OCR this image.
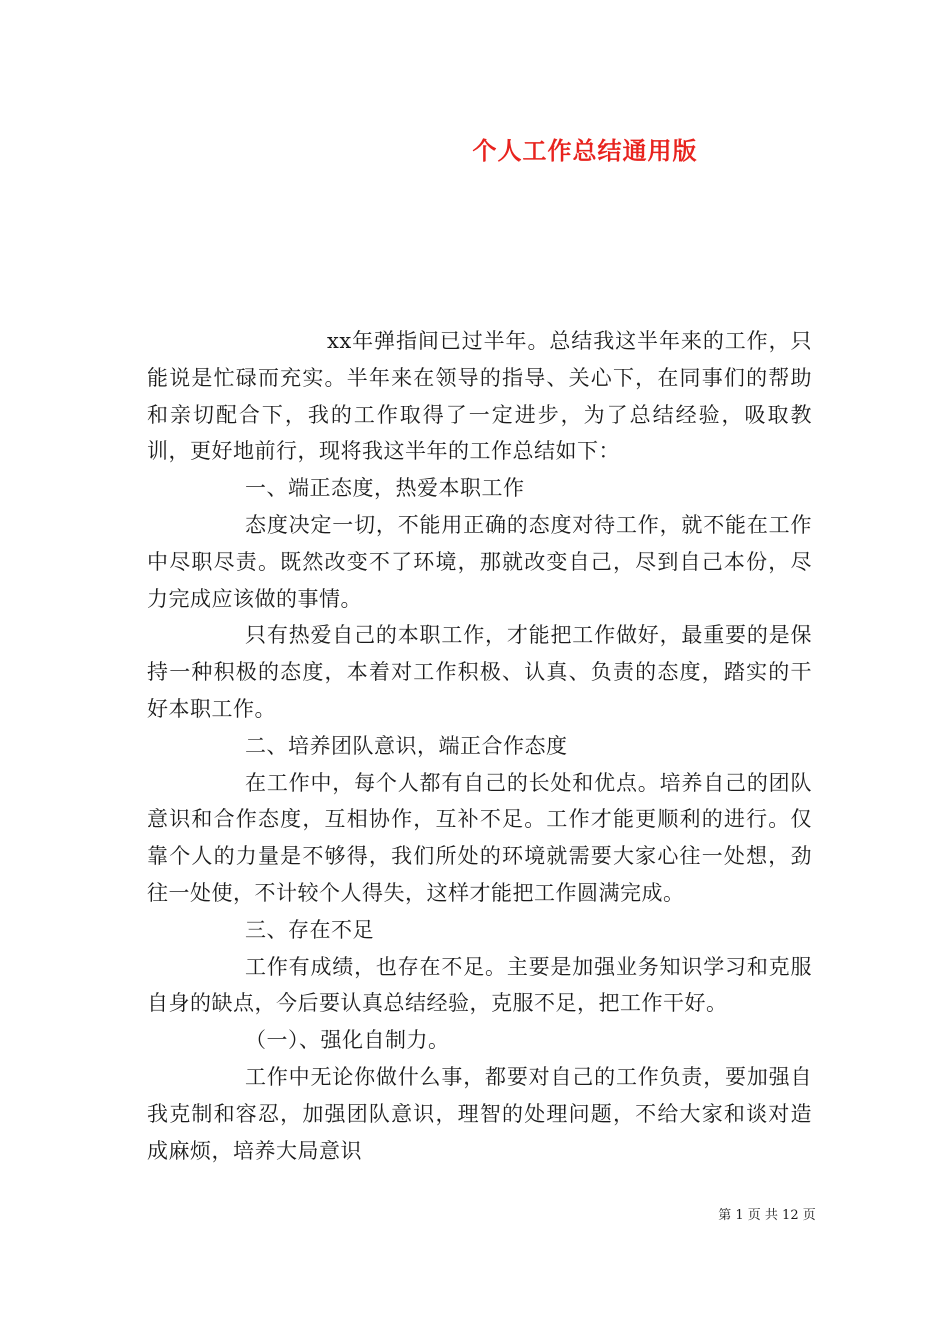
个人工作总结通用版

xx年弹指间已过半年。总结我这半年来的工作，只能说是忙碌而充实。半年来在领导的指导、关心下，在同事们的帮助和亲切配合下，我的工作取得了一定进步，为了总结经验，吸取教训，更好地前行，现将我这半年的工作总结如下：

一、端正态度，热爱本职工作

态度决定一切，不能用正确的态度对待工作，就不能在工作中尽职尽责。既然改变不了环境，那就改变自己，尽到自己本份，尽力完成应该做的事情。

只有热爱自己的本职工作，才能把工作做好，最重要的是保持一种积极的态度，本着对工作积极、认真、负责的态度，踏实的干好本职工作。

二、培养团队意识，端正合作态度

在工作中，每个人都有自己的长处和优点。培养自己的团队意识和合作态度，互相协作，互补不足。工作才能更顺利的进行。仅靠个人的力量是不够得，我们所处的环境就需要大家心往一处想，劲往一处使，不计较个人得失，这样才能把工作圆满完成。

三、存在不足

工作有成绩，也存在不足。主要是加强业务知识学习和克服自身的缺点，今后要认真总结经验，克服不足，把工作干好。

（一）、强化自制力。

工作中无论你做什么事，都要对自己的工作负责，要加强自我克制和容忍，加强团队意识，理智的处理问题，不给大家和谈对造成麻烦，培养大局意识

第 1 页 共 12 页
